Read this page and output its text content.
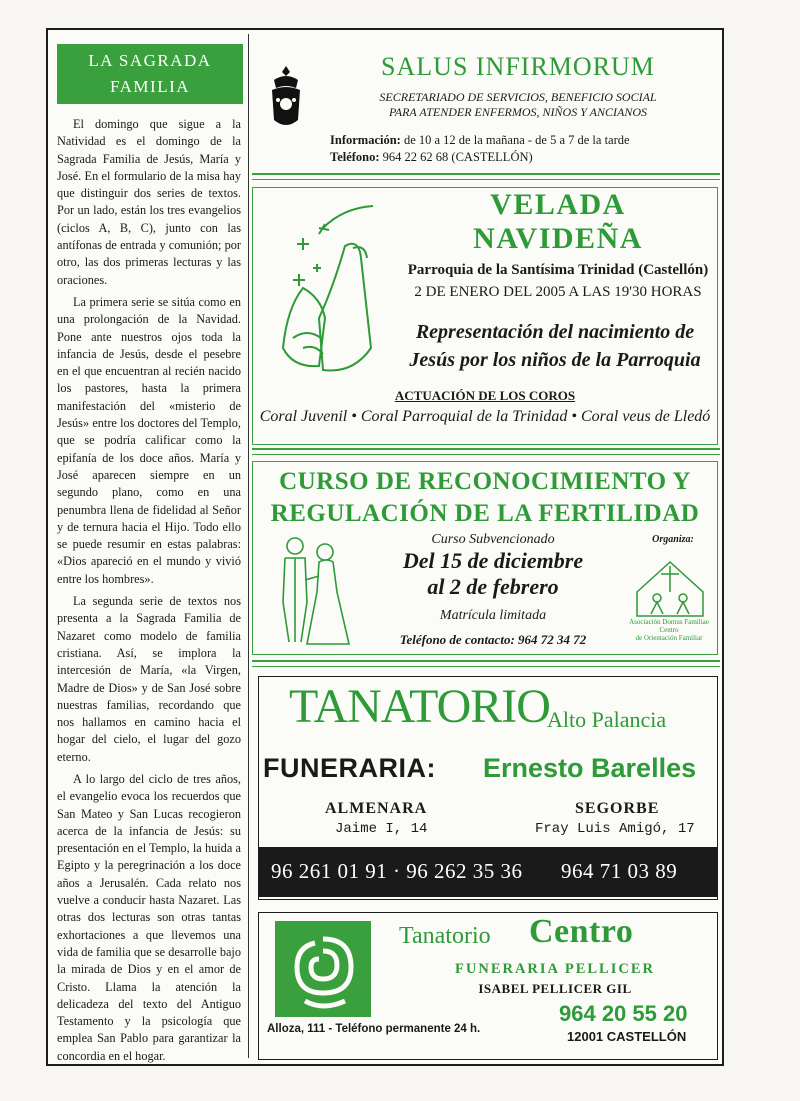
LA SAGRADA
FAMILIA

El domingo que sigue a la Natividad es el domingo de la Sagrada Familia de Jesús, María y José. En el formulario de la misa hay que distinguir dos series de textos. Por un lado, están los tres evangelios (ciclos A, B, C), junto con las antífonas de entrada y comunión; por otro, las dos primeras lecturas y las oraciones.

La primera serie se sitúa como en una prolongación de la Navidad. Pone ante nuestros ojos toda la infancia de Jesús, desde el pesebre en el que encuentran al recién nacido los pastores, hasta la primera manifestación del «misterio de Jesús» entre los doctores del Templo, que se podría calificar como la epifanía de los doce años. María y José aparecen siempre en un segundo plano, como en una penumbra llena de fidelidad al Señor y de ternura hacia el Hijo. Todo ello se puede resumir en estas palabras: «Dios apareció en el mundo y vivió entre los hombres».

La segunda serie de textos nos presenta a la Sagrada Familia de Nazaret como modelo de familia cristiana. Así, se implora la intercesión de María, «la Virgen, Madre de Dios» y de San José sobre nuestras familias, recordando que nos hallamos en camino hacia el hogar del cielo, el lugar del gozo eterno.

A lo largo del ciclo de tres años, el evangelio evoca los recuerdos que San Mateo y San Lucas recogieron acerca de la infancia de Jesús: su presentación en el Templo, la huida a Egipto y la peregrinación a los doce años a Jerusalén. Cada relato nos vuelve a conducir hasta Nazaret. Las otras dos lecturas son otras tantas exhortaciones a que llevemos una vida de familia que se desarrolle bajo la mirada de Dios y en el amor de Cristo. Llama la atención la delicadeza del texto del Antiguo Testamento y la psicología que emplea San Pablo para garantizar la concordia en el hogar.

SALUS INFIRMORUM
SECRETARIADO DE SERVICIOS, BENEFICIO SOCIAL
PARA ATENDER ENFERMOS, NIÑOS Y ANCIANOS
Información: de 10 a 12 de la mañana - de 5 a 7 de la tarde
Teléfono: 964 22 62 68 (CASTELLÓN)
VELADA
NAVIDEÑA
Parroquia de la Santísima Trinidad (Castellón)
2 DE ENERO DEL 2005 A LAS 19'30 HORAS
Representación del nacimiento de
Jesús por los niños de la Parroquia
ACTUACIÓN DE LOS COROS
Coral Juvenil • Coral Parroquial de la Trinidad • Coral veus de Lledó
CURSO DE RECONOCIMIENTO Y
REGULACIÓN DE LA FERTILIDAD
Curso Subvencionado
Del 15 de diciembre
al 2 de febrero
Matrícula limitada
Teléfono de contacto: 964 72 34 72
Organiza:
Asociación Domus Familiae
Centro
de Orientación Familiar
TANATORIO
Alto Palancia
FUNERARIA: Ernesto Barelles
ALMENARA
Jaime I, 14
SEGORBE
Fray Luis Amigó, 17
96 261 01 91 · 96 262 35 36 964 71 03 89
Tanatorio Centro
FUNERARIA PELLICER
ISABEL PELLICER GIL
Alloza, 111 - Teléfono permanente 24 h.
964 20 55 20
12001 CASTELLÓN
